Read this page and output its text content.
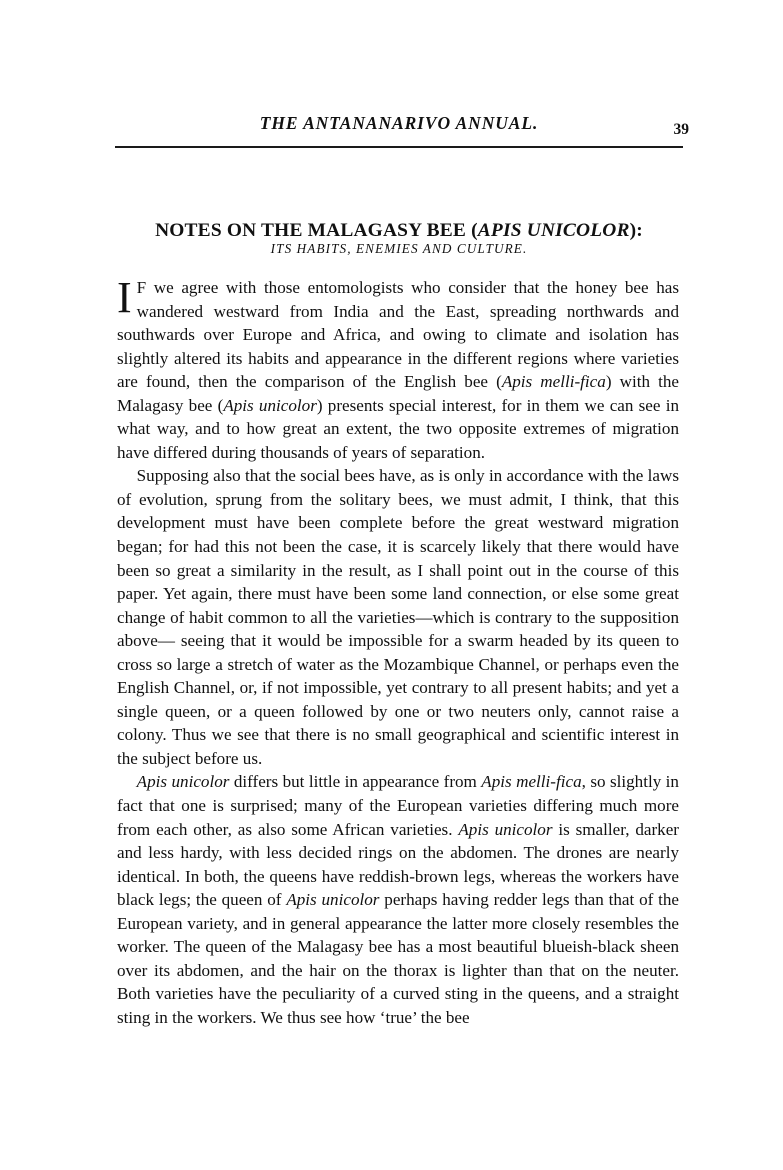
THE ANTANANARIVO ANNUAL.	39
NOTES ON THE MALAGASY BEE (APIS UNICOLOR):
ITS HABITS, ENEMIES AND CULTURE.

I F we agree with those entomologists who consider that the honey bee has wandered westward from India and the East, spreading northwards and southwards over Europe and Africa, and owing to climate and isolation has slightly altered its habits and appearance in the different regions where varieties are found, then the comparison of the English bee (Apis melli-fica) with the Malagasy bee (Apis unicolor) presents special interest, for in them we can see in what way, and to how great an extent, the two opposite extremes of migration have differed during thousands of years of separation.

Supposing also that the social bees have, as is only in accordance with the laws of evolution, sprung from the solitary bees, we must admit, I think, that this development must have been complete before the great westward migration began; for had this not been the case, it is scarcely likely that there would have been so great a similarity in the result, as I shall point out in the course of this paper. Yet again, there must have been some land connection, or else some great change of habit common to all the varieties—which is contrary to the supposition above— seeing that it would be impossible for a swarm headed by its queen to cross so large a stretch of water as the Mozambique Channel, or perhaps even the English Channel, or, if not impossible, yet contrary to all present habits; and yet a single queen, or a queen followed by one or two neuters only, cannot raise a colony. Thus we see that there is no small geographical and scientific interest in the subject before us.

Apis unicolor differs but little in appearance from Apis melli-fica, so slightly in fact that one is surprised; many of the European varieties differing much more from each other, as also some African varieties. Apis unicolor is smaller, darker and less hardy, with less decided rings on the abdomen. The drones are nearly identical. In both, the queens have reddish-brown legs, whereas the workers have black legs; the queen of Apis unicolor perhaps having redder legs than that of the European variety, and in general appearance the latter more closely resembles the worker. The queen of the Malagasy bee has a most beautiful blueish-black sheen over its abdomen, and the hair on the thorax is lighter than that on the neuter. Both varieties have the peculiarity of a curved sting in the queens, and a straight sting in the workers. We thus see how ‘true’ the bee
